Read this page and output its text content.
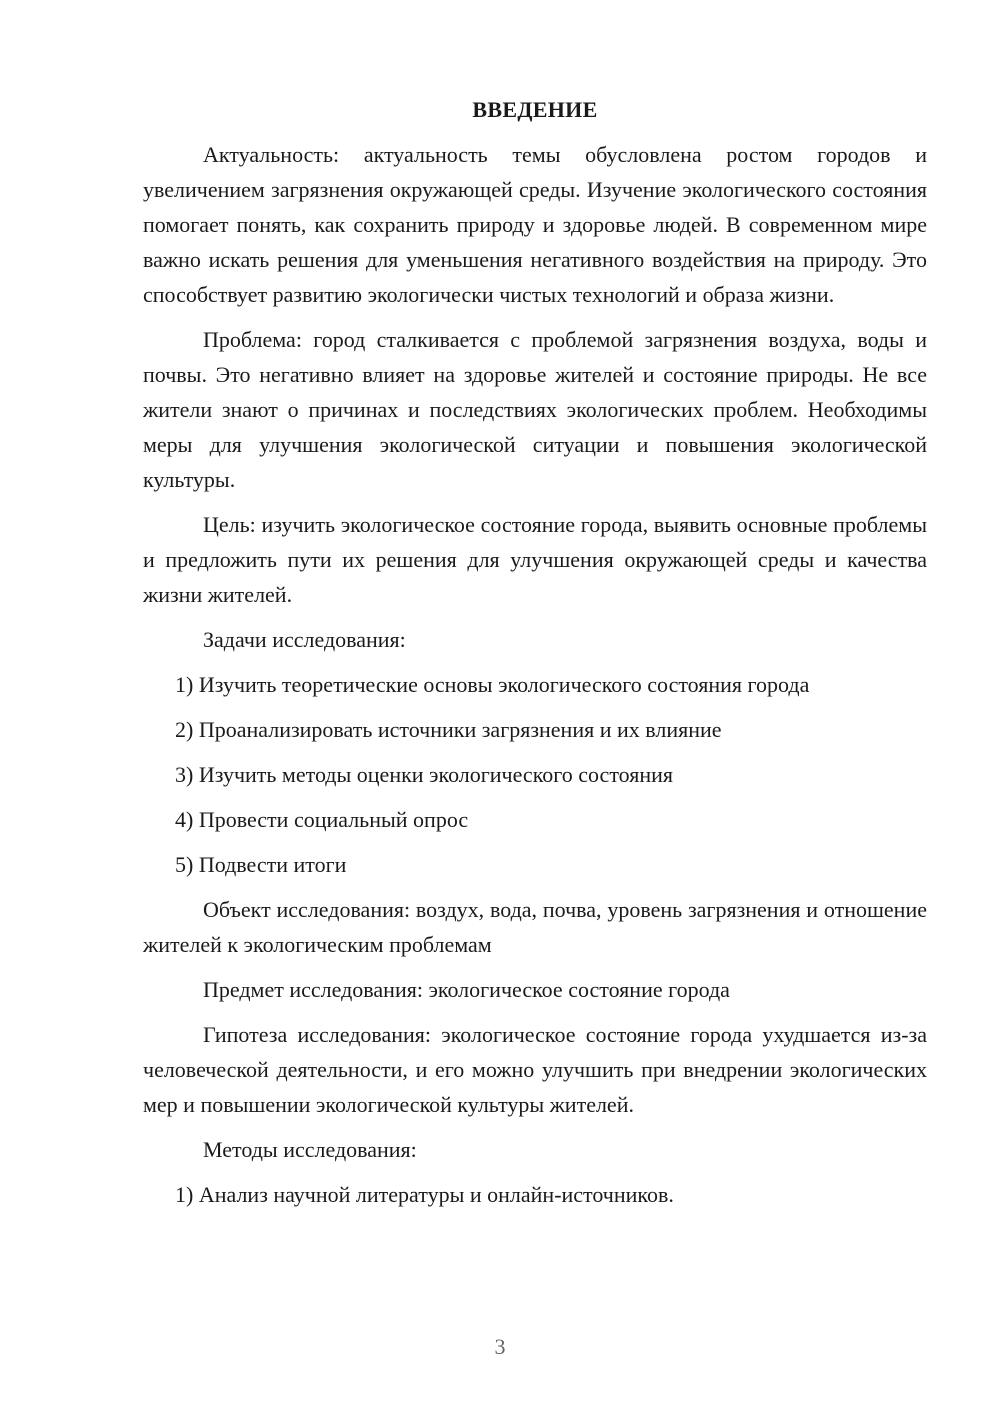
ВВЕДЕНИЕ

Актуальность: актуальность темы обусловлена ростом городов и увеличением загрязнения окружающей среды. Изучение экологического состояния помогает понять, как сохранить природу и здоровье людей. В современном мире важно искать решения для уменьшения негативного воздействия на природу. Это способствует развитию экологически чистых технологий и образа жизни.

Проблема: город сталкивается с проблемой загрязнения воздуха, воды и почвы. Это негативно влияет на здоровье жителей и состояние природы. Не все жители знают о причинах и последствиях экологических проблем. Необходимы меры для улучшения экологической ситуации и повышения экологической культуры.

Цель: изучить экологическое состояние города, выявить основные проблемы и предложить пути их решения для улучшения окружающей среды и качества жизни жителей.

Задачи исследования:

1) Изучить теоретические основы экологического состояния города

2) Проанализировать источники загрязнения и их влияние

3) Изучить методы оценки экологического состояния

4) Провести социальный опрос

5) Подвести итоги

Объект исследования: воздух, вода, почва, уровень загрязнения и отношение жителей к экологическим проблемам

Предмет исследования: экологическое состояние города

Гипотеза исследования: экологическое состояние города ухудшается из-за человеческой деятельности, и его можно улучшить при внедрении экологических мер и повышении экологической культуры жителей.

Методы исследования:

1) Анализ научной литературы и онлайн-источников.

3
